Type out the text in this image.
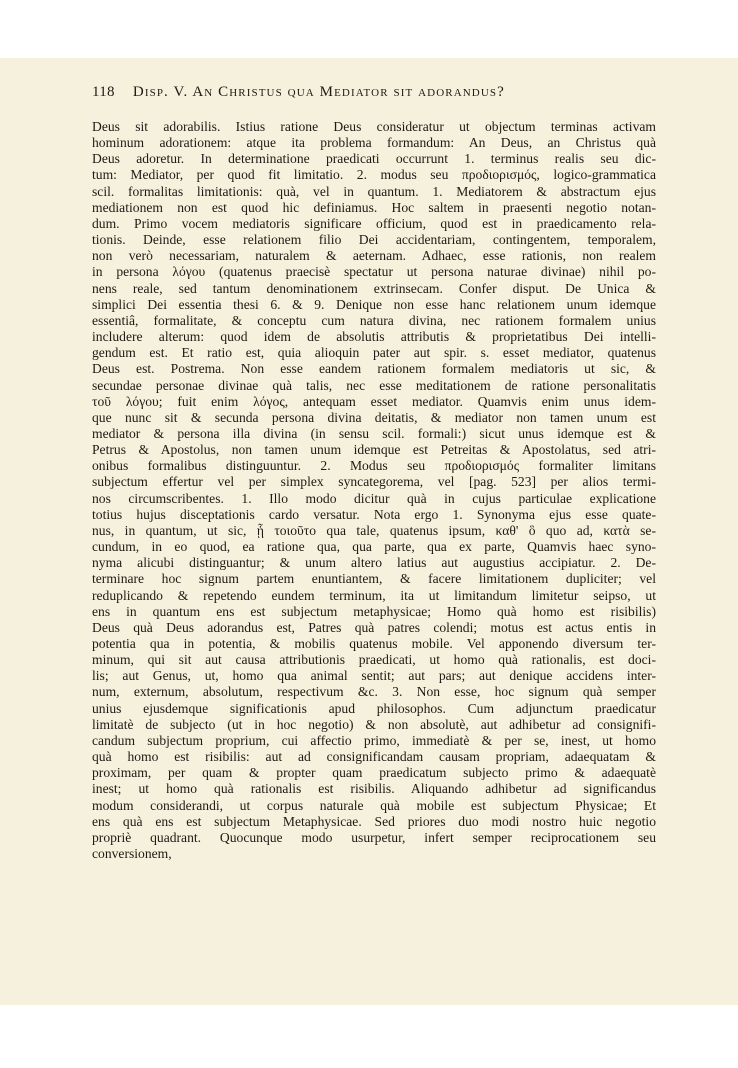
118 Disp. V. An Christus qua Mediator sit adorandus?
Deus sit adorabilis. Istius ratione Deus consideratur ut objectum terminas activam
hominum adorationem: atque ita problema formandum: An Deus, an Christus quà
Deus adoretur. In determinatione praedicati occurrunt 1. terminus realis seu dic-
tum: Mediator, per quod fit limitatio. 2. modus seu προδιορισμός, logico-grammatica
scil. formalitas limitationis: quà, vel in quantum. 1. Mediatorem & abstractum ejus
mediationem non est quod hic definiamus. Hoc saltem in praesenti negotio notan-
dum. Primo vocem mediatoris significare officium, quod est in praedicamento rela-
tionis. Deinde, esse relationem filio Dei accidentariam, contingentem, temporalem,
non verò necessariam, naturalem & aeternam. Adhaec, esse rationis, non realem
in persona λόγου (quatenus praecisè spectatur ut persona naturae divinae) nihil po-
nens reale, sed tantum denominationem extrinsecam. Confer disput. De Unica &
simplici Dei essentia thesi 6. & 9. Denique non esse hanc relationem unum idemque
essentiâ, formalitate, & conceptu cum natura divina, nec rationem formalem unius
includere alterum: quod idem de absolutis attributis & proprietatibus Dei intelli-
gendum est. Et ratio est, quia alioquin pater aut spir. s. esset mediator, quatenus
Deus est. Postrema. Non esse eandem rationem formalem mediatoris ut sic, &
secundae personae divinae quà talis, nec esse meditationem de ratione personalitatis
τοῦ λόγου; fuit enim λόγος, antequam esset mediator. Quamvis enim unus idem-
que nunc sit & secunda persona divina deitatis, & mediator non tamen unum est
mediator & persona illa divina (in sensu scil. formali:) sicut unus idemque est &
Petrus & Apostolus, non tamen unum idemque est Petreitas & Apostolatus, sed atri-
onibus formalibus distinguuntur. 2. Modus seu προδιορισμός formaliter limitans
subjectum effertur vel per simplex syncategorema, vel [pag. 523] per alios termi-
nos circumscribentes. 1. Illo modo dicitur quà in cujus particulae explicatione
totius hujus disceptationis cardo versatur. Nota ergo 1. Synonyma ejus esse quate-
nus, in quantum, ut sic, ᾗ τοιοῦτο qua tale, quatenus ipsum, καθ' ὃ quo ad, κατὰ se-
cundum, in eo quod, ea ratione qua, qua parte, qua ex parte, Quamvis haec syno-
nyma alicubi distinguantur; & unum altero latius aut augustius accipiatur. 2. De-
terminare hoc signum partem enuntiantem, & facere limitationem dupliciter; vel
reduplicando & repetendo eundem terminum, ita ut limitandum limitetur seipso, ut
ens in quantum ens est subjectum metaphysicae; Homo quà homo est risibilis)
Deus quà Deus adorandus est, Patres quà patres colendi; motus est actus entis in
potentia qua in potentia, & mobilis quatenus mobile. Vel apponendo diversum ter-
minum, qui sit aut causa attributionis praedicati, ut homo quà rationalis, est doci-
lis; aut Genus, ut, homo qua animal sentit; aut pars; aut denique accidens inter-
num, externum, absolutum, respectivum &c. 3. Non esse, hoc signum quà semper
unius ejusdemque significationis apud philosophos. Cum adjunctum praedicatur
limitatè de subjecto (ut in hoc negotio) & non absolutè, aut adhibetur ad consignifi-
candum subjectum proprium, cui affectio primo, immediatè & per se, inest, ut homo
quà homo est risibilis: aut ad consignificandam causam propriam, adaequatam &
proximam, per quam & propter quam praedicatum subjecto primo & adaequatè
inest; ut homo quà rationalis est risibilis. Aliquando adhibetur ad significandus
modum considerandi, ut corpus naturale quà mobile est subjectum Physicae; Et
ens quà ens est subjectum Metaphysicae. Sed priores duo modi nostro huic negotio
propriè quadrant. Quocunque modo usurpetur, infert semper reciprocationem seu
conversionem,
